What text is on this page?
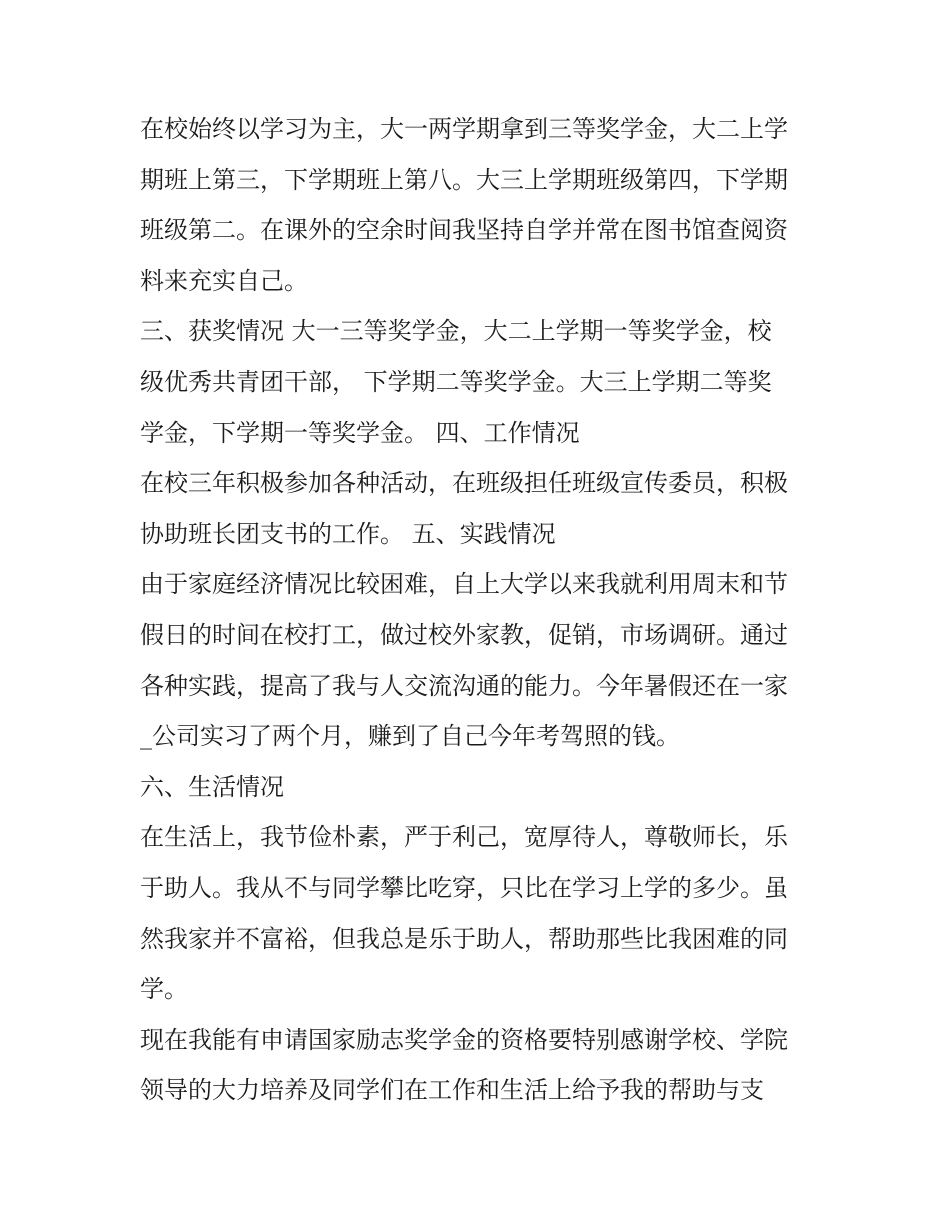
在校始终以学习为主，大一两学期拿到三等奖学金，大二上学
期班上第三，下学期班上第八。大三上学期班级第四，下学期
班级第二。在课外的空余时间我坚持自学并常在图书馆查阅资
料来充实自己。
三、获奖情况 大一三等奖学金，大二上学期一等奖学金，校
级优秀共青团干部， 下学期二等奖学金。大三上学期二等奖
学金，下学期一等奖学金。 四、工作情况
在校三年积极参加各种活动，在班级担任班级宣传委员，积极
协助班长团支书的工作。 五、实践情况
由于家庭经济情况比较困难，自上大学以来我就利用周末和节
假日的时间在校打工，做过校外家教，促销，市场调研。通过
各种实践，提高了我与人交流沟通的能力。今年暑假还在一家
_公司实习了两个月，赚到了自己今年考驾照的钱。
六、生活情况
在生活上，我节俭朴素，严于利己，宽厚待人，尊敬师长，乐
于助人。我从不与同学攀比吃穿，只比在学习上学的多少。虽
然我家并不富裕，但我总是乐于助人，帮助那些比我困难的同
学。
现在我能有申请国家励志奖学金的资格要特别感谢学校、学院
领导的大力培养及同学们在工作和生活上给予我的帮助与支
